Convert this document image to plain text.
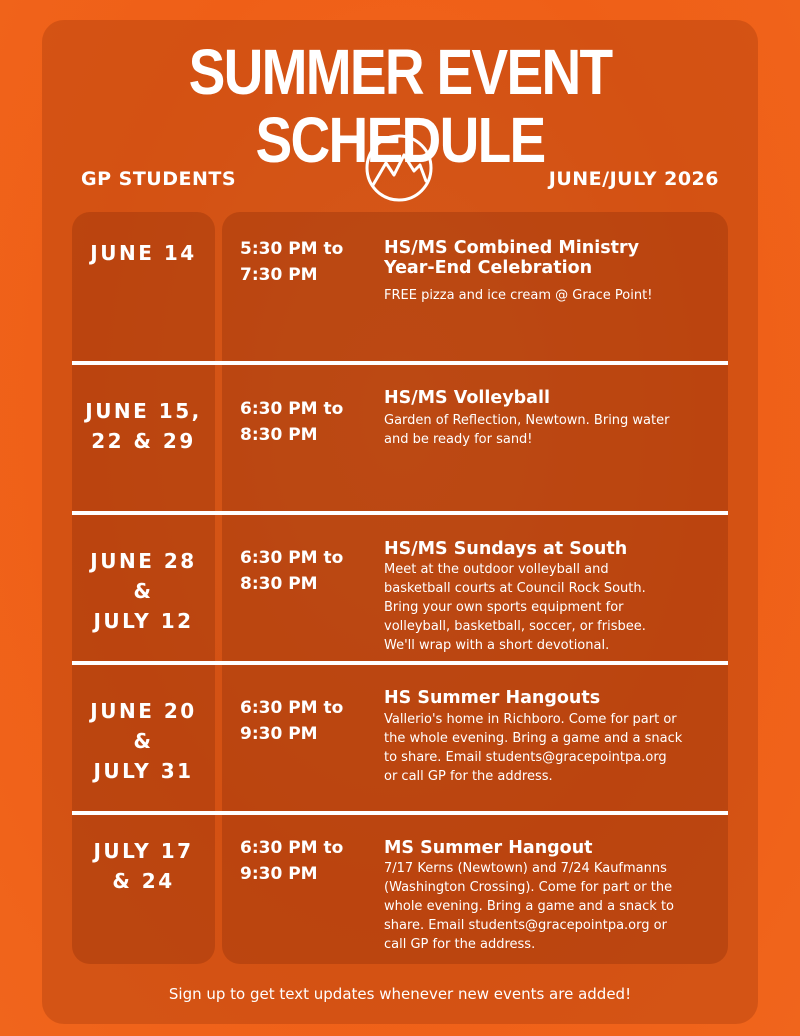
SUMMER EVENT SCHEDULE
GP STUDENTS	JUNE/JULY 2026
JUNE 14	5:30 PM to
7:30 PM
HS/MS Combined Ministry
Year-End Celebration
FREE pizza and ice cream @ Grace Point!
JUNE 15,
22 & 29
6:30 PM to
8:30 PM
HS/MS Volleyball
Garden of Reflection, Newtown. Bring water
and be ready for sand!
JUNE 28
&
JULY 12
6:30 PM to
8:30 PM
HS/MS Sundays at South
Meet at the outdoor volleyball and
basketball courts at Council Rock South.
Bring your own sports equipment for
volleyball, basketball, soccer, or frisbee.
We'll wrap with a short devotional.
JUNE 20
&
JULY 31
6:30 PM to
9:30 PM
HS Summer Hangouts
Vallerio's home in Richboro. Come for part or
the whole evening. Bring a game and a snack
to share. Email students@gracepointpa.org
or call GP for the address.
JULY 17
& 24
6:30 PM to
9:30 PM
MS Summer Hangout
7/17 Kerns (Newtown) and 7/24 Kaufmanns
(Washington Crossing). Come for part or the
whole evening. Bring a game and a snack to
share. Email students@gracepointpa.org or
call GP for the address.
Sign up to get text updates whenever new events are added!
